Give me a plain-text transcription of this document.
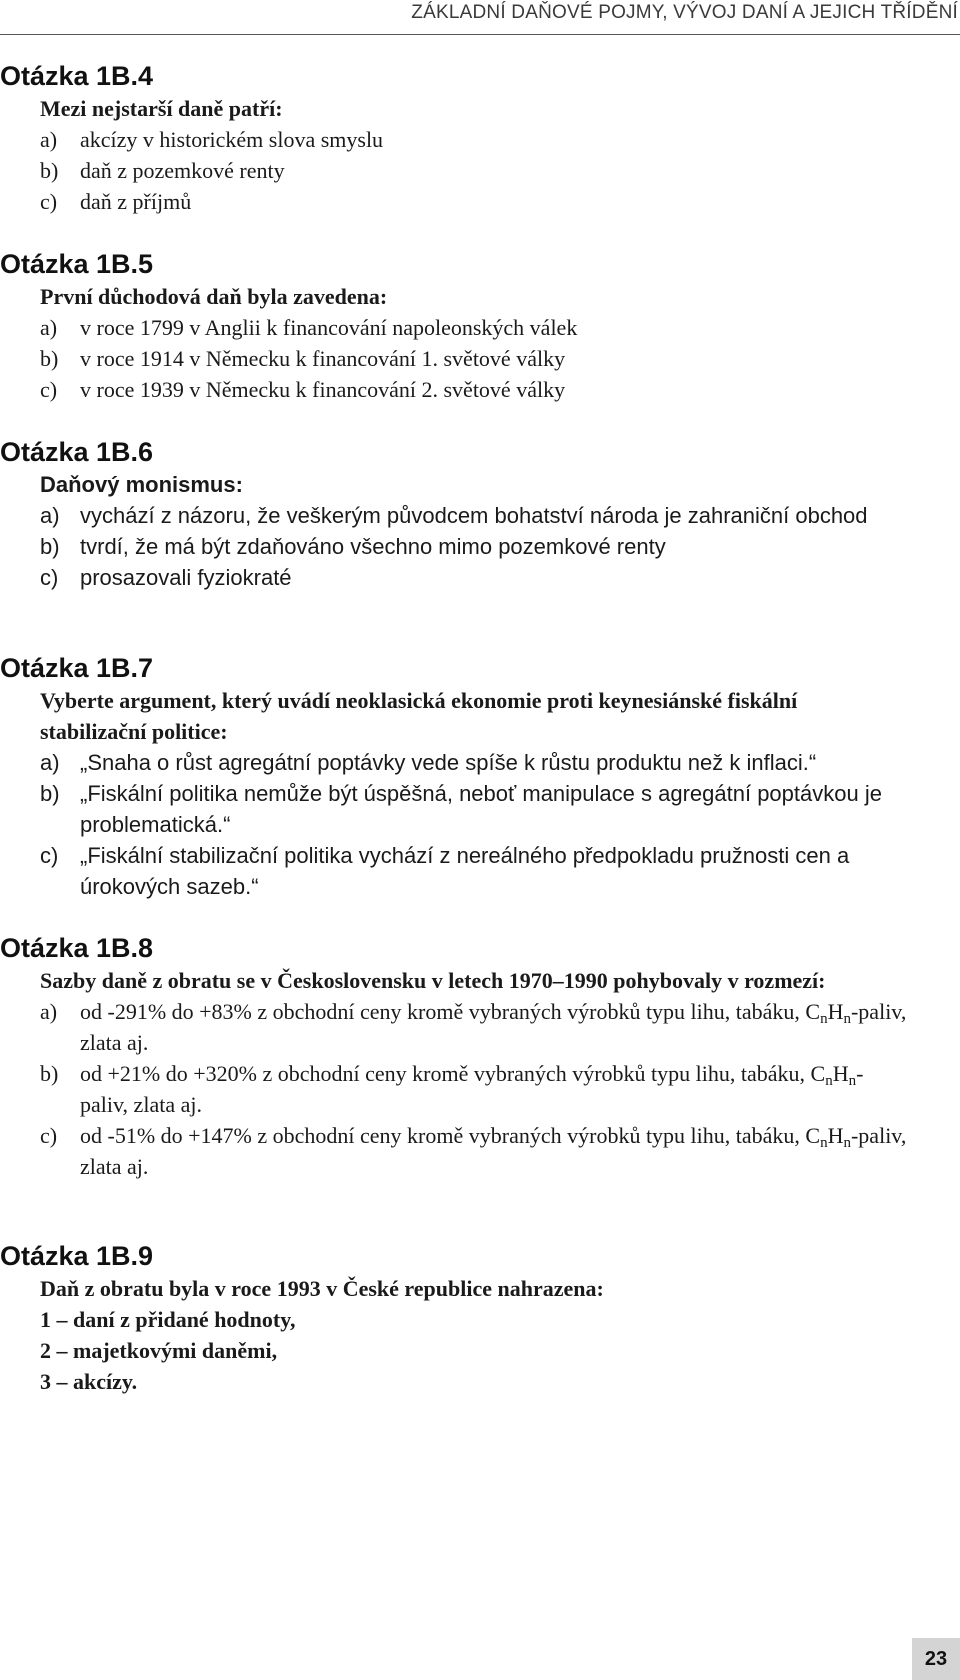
ZÁKLADNÍ DAŇOVÉ POJMY, VÝVOJ DANÍ A JEJICH TŘÍDĚNÍ
Otázka 1B.4
Mezi nejstarší daně patří:
a)	akcízy v historickém slova smyslu
b) daň z pozemkové renty
c)	daň z příjmů
Otázka 1B.5
První důchodová daň byla zavedena:
a)	v roce 1799 v Anglii k financování napoleonských válek
b) v roce 1914 v Německu k financování 1. světové války
c)	v roce 1939 v Německu k financování 2. světové války
Otázka 1B.6
Daňový monismus:
a) vychází z názoru, že veškerým původcem bohatství národa je zahraniční obchod
b) tvrdí, že má být zdaňováno všechno mimo pozemkové renty
c) prosazovali fyziokraté
Otázka 1B.7
Vyberte argument, který uvádí neoklasická ekonomie proti keynesiánské fiskální stabilizační politice:
a) „Snaha o růst agregátní poptávky vede spíše k růstu produktu než k inflaci.“
b) „Fiskální politika nemůže být úspěšná, neboť manipulace s agregátní poptávkou je problematická.“
c) „Fiskální stabilizační politika vychází z nereálného předpokladu pružnosti cen a úrokových sazeb.“
Otázka 1B.8
Sazby daně z obratu se v Československu v letech 1970–1990 pohybovaly v rozmezí:
a)	od -291% do +83% z obchodní ceny kromě vybraných výrobků typu lihu, tabáku, $C_nH_n$-paliv, zlata aj.
b) od +21% do +320% z obchodní ceny kromě vybraných výrobků typu lihu, tabáku, $C_nH_n$-paliv, zlata aj.
c)	od -51% do +147% z obchodní ceny kromě vybraných výrobků typu lihu, tabáku, $C_nH_n$-paliv, zlata aj.
Otázka 1B.9
Daň z obratu byla v roce 1993 v České republice nahrazena:
1 – daní z přidané hodnoty,
2 – majetkovými daněmi,
3 – akcízy.
23
